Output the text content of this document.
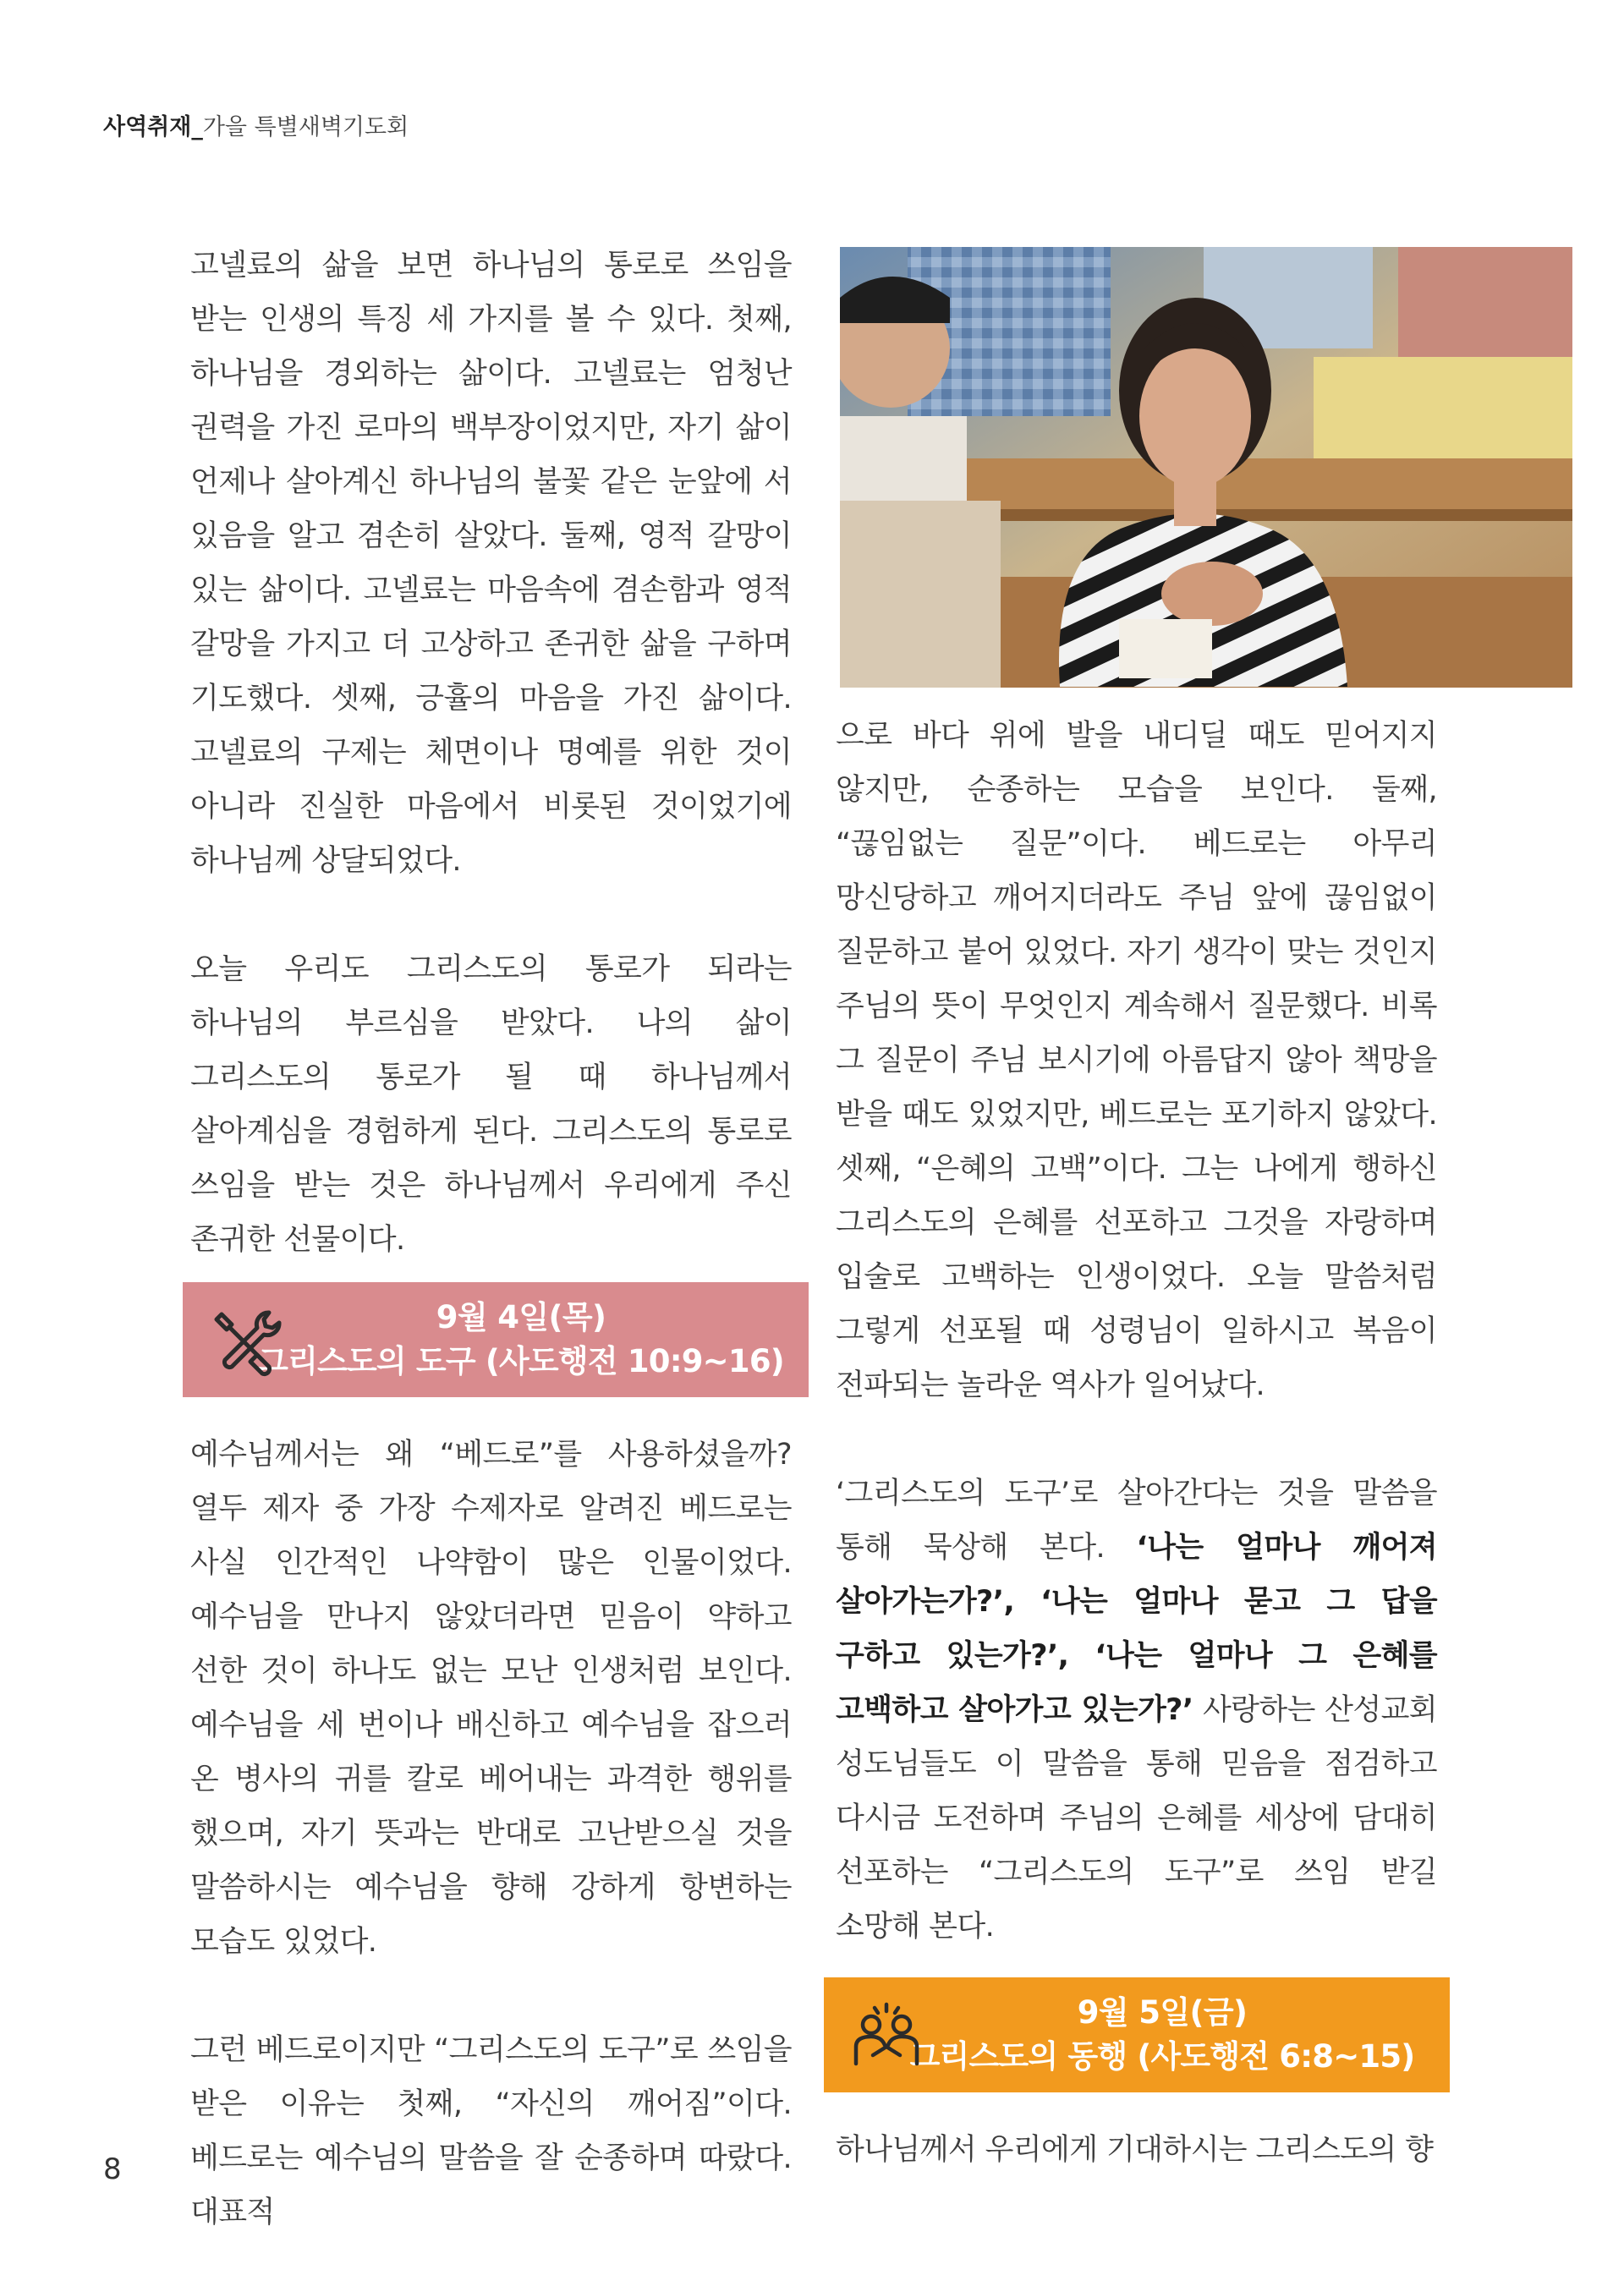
사역취재_가을 특별새벽기도회

고넬료의 삶을 보면 하나님의 통로로 쓰임을 받는 인생의 특징 세 가지를 볼 수 있다. 첫째, 하나님을 경외하는 삶이다. 고넬료는 엄청난 권력을 가진 로마의 백부장이었지만, 자기 삶이 언제나 살아계신 하나님의 불꽃 같은 눈앞에 서 있음을 알고 겸손히 살았다. 둘째, 영적 갈망이 있는 삶이다. 고넬료는 마음속에 겸손함과 영적 갈망을 가지고 더 고상하고 존귀한 삶을 구하며 기도했다. 셋째, 긍휼의 마음을 가진 삶이다. 고넬료의 구제는 체면이나 명예를 위한 것이 아니라 진실한 마음에서 비롯된 것이었기에 하나님께 상달되었다.

오늘 우리도 그리스도의 통로가 되라는 하나님의 부르심을 받았다. 나의 삶이 그리스도의 통로가 될 때 하나님께서 살아계심을 경험하게 된다. 그리스도의 통로로 쓰임을 받는 것은 하나님께서 우리에게 주신 존귀한 선물이다.

9월 4일(목)
그리스도의 도구 (사도행전 10:9~16)

예수님께서는 왜 “베드로”를 사용하셨을까? 열두 제자 중 가장 수제자로 알려진 베드로는 사실 인간적인 나약함이 많은 인물이었다. 예수님을 만나지 않았더라면 믿음이 약하고 선한 것이 하나도 없는 모난 인생처럼 보인다. 예수님을 세 번이나 배신하고 예수님을 잡으러 온 병사의 귀를 칼로 베어내는 과격한 행위를 했으며, 자기 뜻과는 반대로 고난받으실 것을 말씀하시는 예수님을 향해 강하게 항변하는 모습도 있었다.

그런 베드로이지만 “그리스도의 도구”로 쓰임을 받은 이유는 첫째, “자신의 깨어짐”이다. 베드로는 예수님의 말씀을 잘 순종하며 따랐다. 대표적

으로 바다 위에 발을 내디딜 때도 믿어지지 않지만, 순종하는 모습을 보인다. 둘째, “끊임없는 질문”이다. 베드로는 아무리 망신당하고 깨어지더라도 주님 앞에 끊임없이 질문하고 붙어 있었다. 자기 생각이 맞는 것인지 주님의 뜻이 무엇인지 계속해서 질문했다. 비록 그 질문이 주님 보시기에 아름답지 않아 책망을 받을 때도 있었지만, 베드로는 포기하지 않았다. 셋째, “은혜의 고백”이다. 그는 나에게 행하신 그리스도의 은혜를 선포하고 그것을 자랑하며 입술로 고백하는 인생이었다. 오늘 말씀처럼 그렇게 선포될 때 성령님이 일하시고 복음이 전파되는 놀라운 역사가 일어났다.

‘그리스도의 도구’로 살아간다는 것을 말씀을 통해 묵상해 본다. ‘나는 얼마나 깨어져 살아가는가?’, ‘나는 얼마나 묻고 그 답을 구하고 있는가?’, ‘나는 얼마나 그 은혜를 고백하고 살아가고 있는가?’ 사랑하는 산성교회 성도님들도 이 말씀을 통해 믿음을 점검하고 다시금 도전하며 주님의 은혜를 세상에 담대히 선포하는 “그리스도의 도구”로 쓰임 받길 소망해 본다.

9월 5일(금)
그리스도의 동행 (사도행전 6:8~15)

하나님께서 우리에게 기대하시는 그리스도의 향

8
